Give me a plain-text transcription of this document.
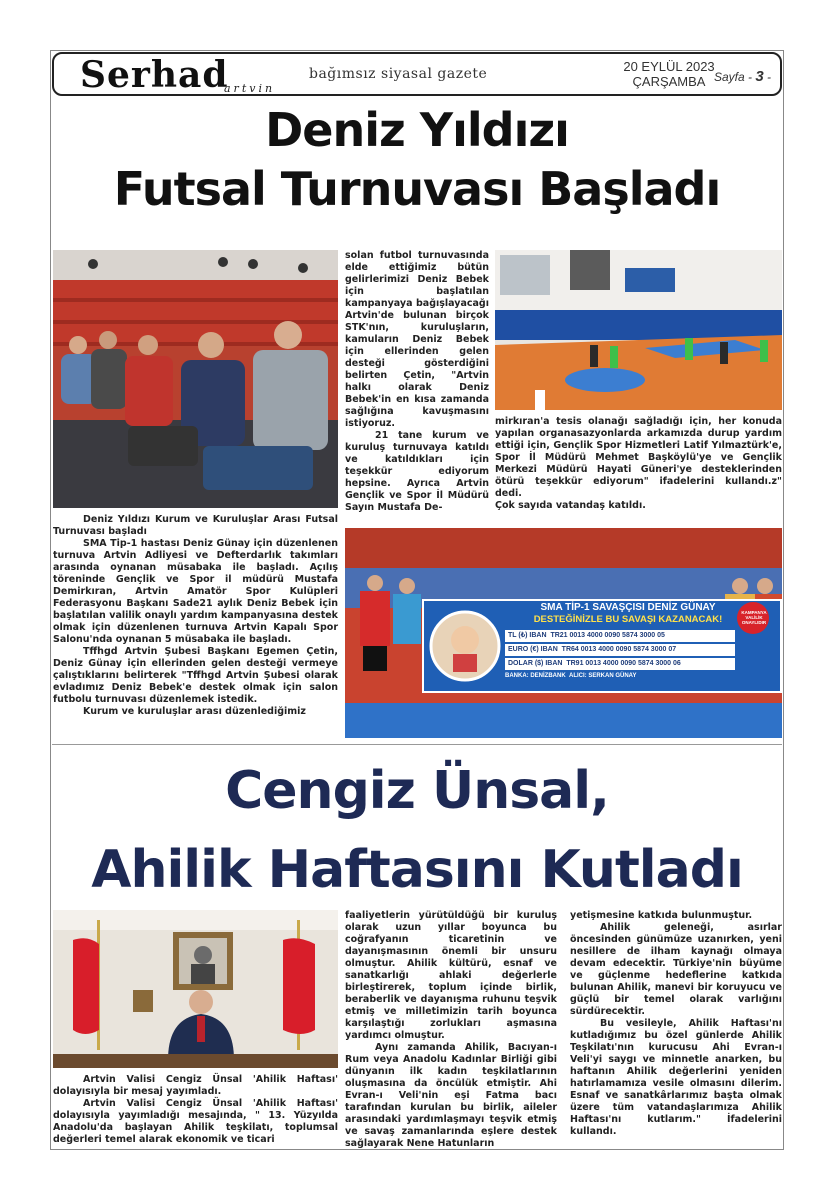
Serhad
artvin
bağımsız siyasal gazete	20 EYLÜL 2023
ÇARŞAMBA Sayfa - 3 -
Deniz Yıldızı
Futsal Turnuvası Başladı

solan futbol turnuvasında elde ettiğimiz bütün gelirlerimizi Deniz Bebek için başlatılan kampanyaya bağışlayacağı Artvin'de bulunan birçok STK'nın, kuruluşların, kamuların Deniz Bebek için ellerinden gelen desteği gösterdiğini belirten Çetin, "Artvin halkı olarak Deniz Bebek'in en kısa zamanda sağlığına kavuşmasını istiyoruz.

21 tane kurum ve kuruluş turnuvaya katıldı ve katıldıkları için teşekkür ediyorum hepsine. Ayrıca Artvin Gençlik ve Spor İl Müdürü Sayın Mustafa De-

mirkıran'a tesis olanağı sağladığı için, her konuda yapılan organasazyonlarda arkamızda durup yardım ettiği için, Gençlik Spor Hizmetleri Latif Yılmaztürk'e, Spor İl Müdürü Mehmet Başköylü'ye ve Gençlik Merkezi Müdürü Hayati Güneri'ye desteklerinden ötürü teşekkür ediyorum" ifadelerini kullandı.z" dedi.

Çok sayıda vatandaş katıldı.

SMA TİP-1 SAVAŞÇISI DENİZ GÜNAY
DESTEĞİNİZLE BU SAVAŞI KAZANACAK!
KAMPANYA VALİLİK ONAYLIDIR
TL (₺) IBAN TR21 0013 4000 0090 5874 3000 05
EURO (€) IBAN TR64 0013 4000 0090 5874 3000 07
DOLAR ($) IBAN TR91 0013 4000 0090 5874 3000 06
BANKA: DENİZBANK ALICI: SERKAN GÜNAY

Deniz Yıldızı Kurum ve Kuruluşlar Arası Futsal Turnuvası başladı

SMA Tip-1 hastası Deniz Günay için düzenlenen turnuva Artvin Adliyesi ve Defterdarlık takımları arasında oynanan müsabaka ile başladı. Açılış töreninde Gençlik ve Spor il müdürü Mustafa Demirkıran, Artvin Amatör Spor Kulüpleri Federasyonu Başkanı Sade21 aylık Deniz Bebek için başlatılan valilik onaylı yardım kampanyasına destek olmak için düzenlenen turnuva Artvin Kapalı Spor Salonu'nda oynanan 5 müsabaka ile başladı.

Tffhgd Artvin Şubesi Başkanı Egemen Çetin, Deniz Günay için ellerinden gelen desteği vermeye çalıştıklarını belirterek "Tffhgd Artvin Şubesi olarak evladımız Deniz Bebek'e destek olmak için salon futbolu turnuvası düzenlemek istedik.

Kurum ve kuruluşlar arası düzenlediğimiz

Cengiz Ünsal,
Ahilik Haftasını Kutladı

Artvin Valisi Cengiz Ünsal 'Ahilik Haftası' dolayısıyla bir mesaj yayımladı.

Artvin Valisi Cengiz Ünsal 'Ahilik Haftası' dolayısıyla yayımladığı mesajında, " 13. Yüzyılda Anadolu'da başlayan Ahilik teşkilatı, toplumsal değerleri temel alarak ekonomik ve ticari

faaliyetlerin yürütüldüğü bir kuruluş olarak uzun yıllar boyunca bu coğrafyanın ticaretinin ve dayanışmasının önemli bir unsuru olmuştur. Ahilik kültürü, esnaf ve sanatkarlığı ahlaki değerlerle birleştirerek, toplum içinde birlik, beraberlik ve dayanışma ruhunu teşvik etmiş ve milletimizin tarih boyunca karşılaştığı zorlukları aşmasına yardımcı olmuştur.

Aynı zamanda Ahilik, Bacıyan-ı Rum veya Anadolu Kadınlar Birliği gibi dünyanın ilk kadın teşkilatlarının oluşmasına da öncülük etmiştir. Ahi Evran-ı Veli'nin eşi Fatma bacı tarafından kurulan bu birlik, aileler arasındaki yardımlaşmayı teşvik etmiş ve savaş zamanlarında eşlere destek sağlayarak Nene Hatunların

yetişmesine katkıda bulunmuştur.

Ahilik geleneği, asırlar öncesinden günümüze uzanırken, yeni nesillere de ilham kaynağı olmaya devam edecektir. Türkiye'nin büyüme ve güçlenme hedeflerine katkıda bulunan Ahilik, manevi bir koruyucu ve güçlü bir temel olarak varlığını sürdürecektir.

Bu vesileyle, Ahilik Haftası'nı kutladığımız bu özel günlerde Ahilik Teşkilatı'nın kurucusu Ahi Evran-ı Veli'yi saygı ve minnetle anarken, bu haftanın Ahilik değerlerini yeniden hatırlamamıza vesile olmasını dilerim. Esnaf ve sanatkârlarımız başta olmak üzere tüm vatandaşlarımıza Ahilik Haftası'nı kutlarım." İfadelerini kullandı.
